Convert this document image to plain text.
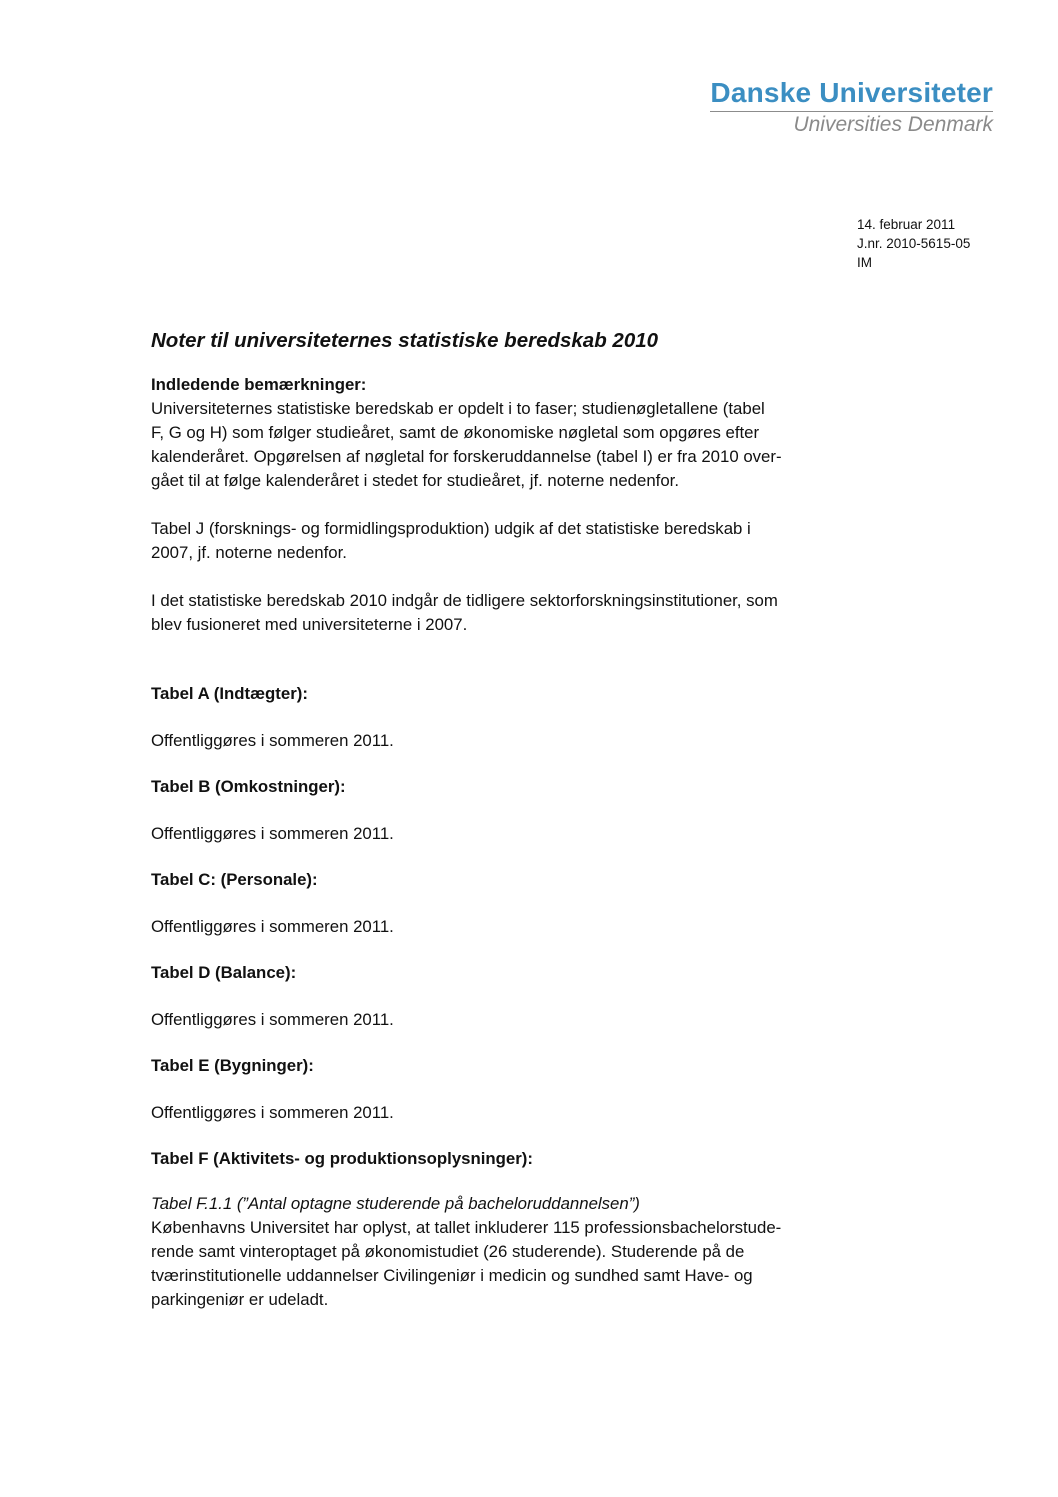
Danske Universiteter
Universities Denmark
14. februar 2011
J.nr. 2010-5615-05
IM
Noter til universiteternes statistiske beredskab 2010
Indledende bemærkninger:

Universiteternes statistiske beredskab er opdelt i to faser; studienøgletallene (tabel
F, G og H) som følger studieåret, samt de økonomiske nøgletal som opgøres efter
kalenderåret. Opgørelsen af nøgletal for forskeruddannelse (tabel I) er fra 2010 over-
gået til at følge kalenderåret i stedet for studieåret, jf. noterne nedenfor.

Tabel J (forsknings- og formidlingsproduktion) udgik af det statistiske beredskab i
2007, jf. noterne nedenfor.

I det statistiske beredskab 2010 indgår de tidligere sektorforskningsinstitutioner, som
blev fusioneret med universiteterne i 2007.

Tabel A (Indtægter):

Offentliggøres i sommeren 2011.

Tabel B (Omkostninger):

Offentliggøres i sommeren 2011.

Tabel C: (Personale):

Offentliggøres i sommeren 2011.

Tabel D (Balance):

Offentliggøres i sommeren 2011.

Tabel E (Bygninger):

Offentliggøres i sommeren 2011.

Tabel F (Aktivitets- og produktionsoplysninger):

Tabel F.1.1 (”Antal optagne studerende på bacheloruddannelsen”)

Københavns Universitet har oplyst, at tallet inkluderer 115 professionsbachelorstude-
rende samt vinteroptaget på økonomistudiet (26 studerende). Studerende på de
tværinstitutionelle uddannelser Civilingeniør i medicin og sundhed samt Have- og
parkingeniør er udeladt.
